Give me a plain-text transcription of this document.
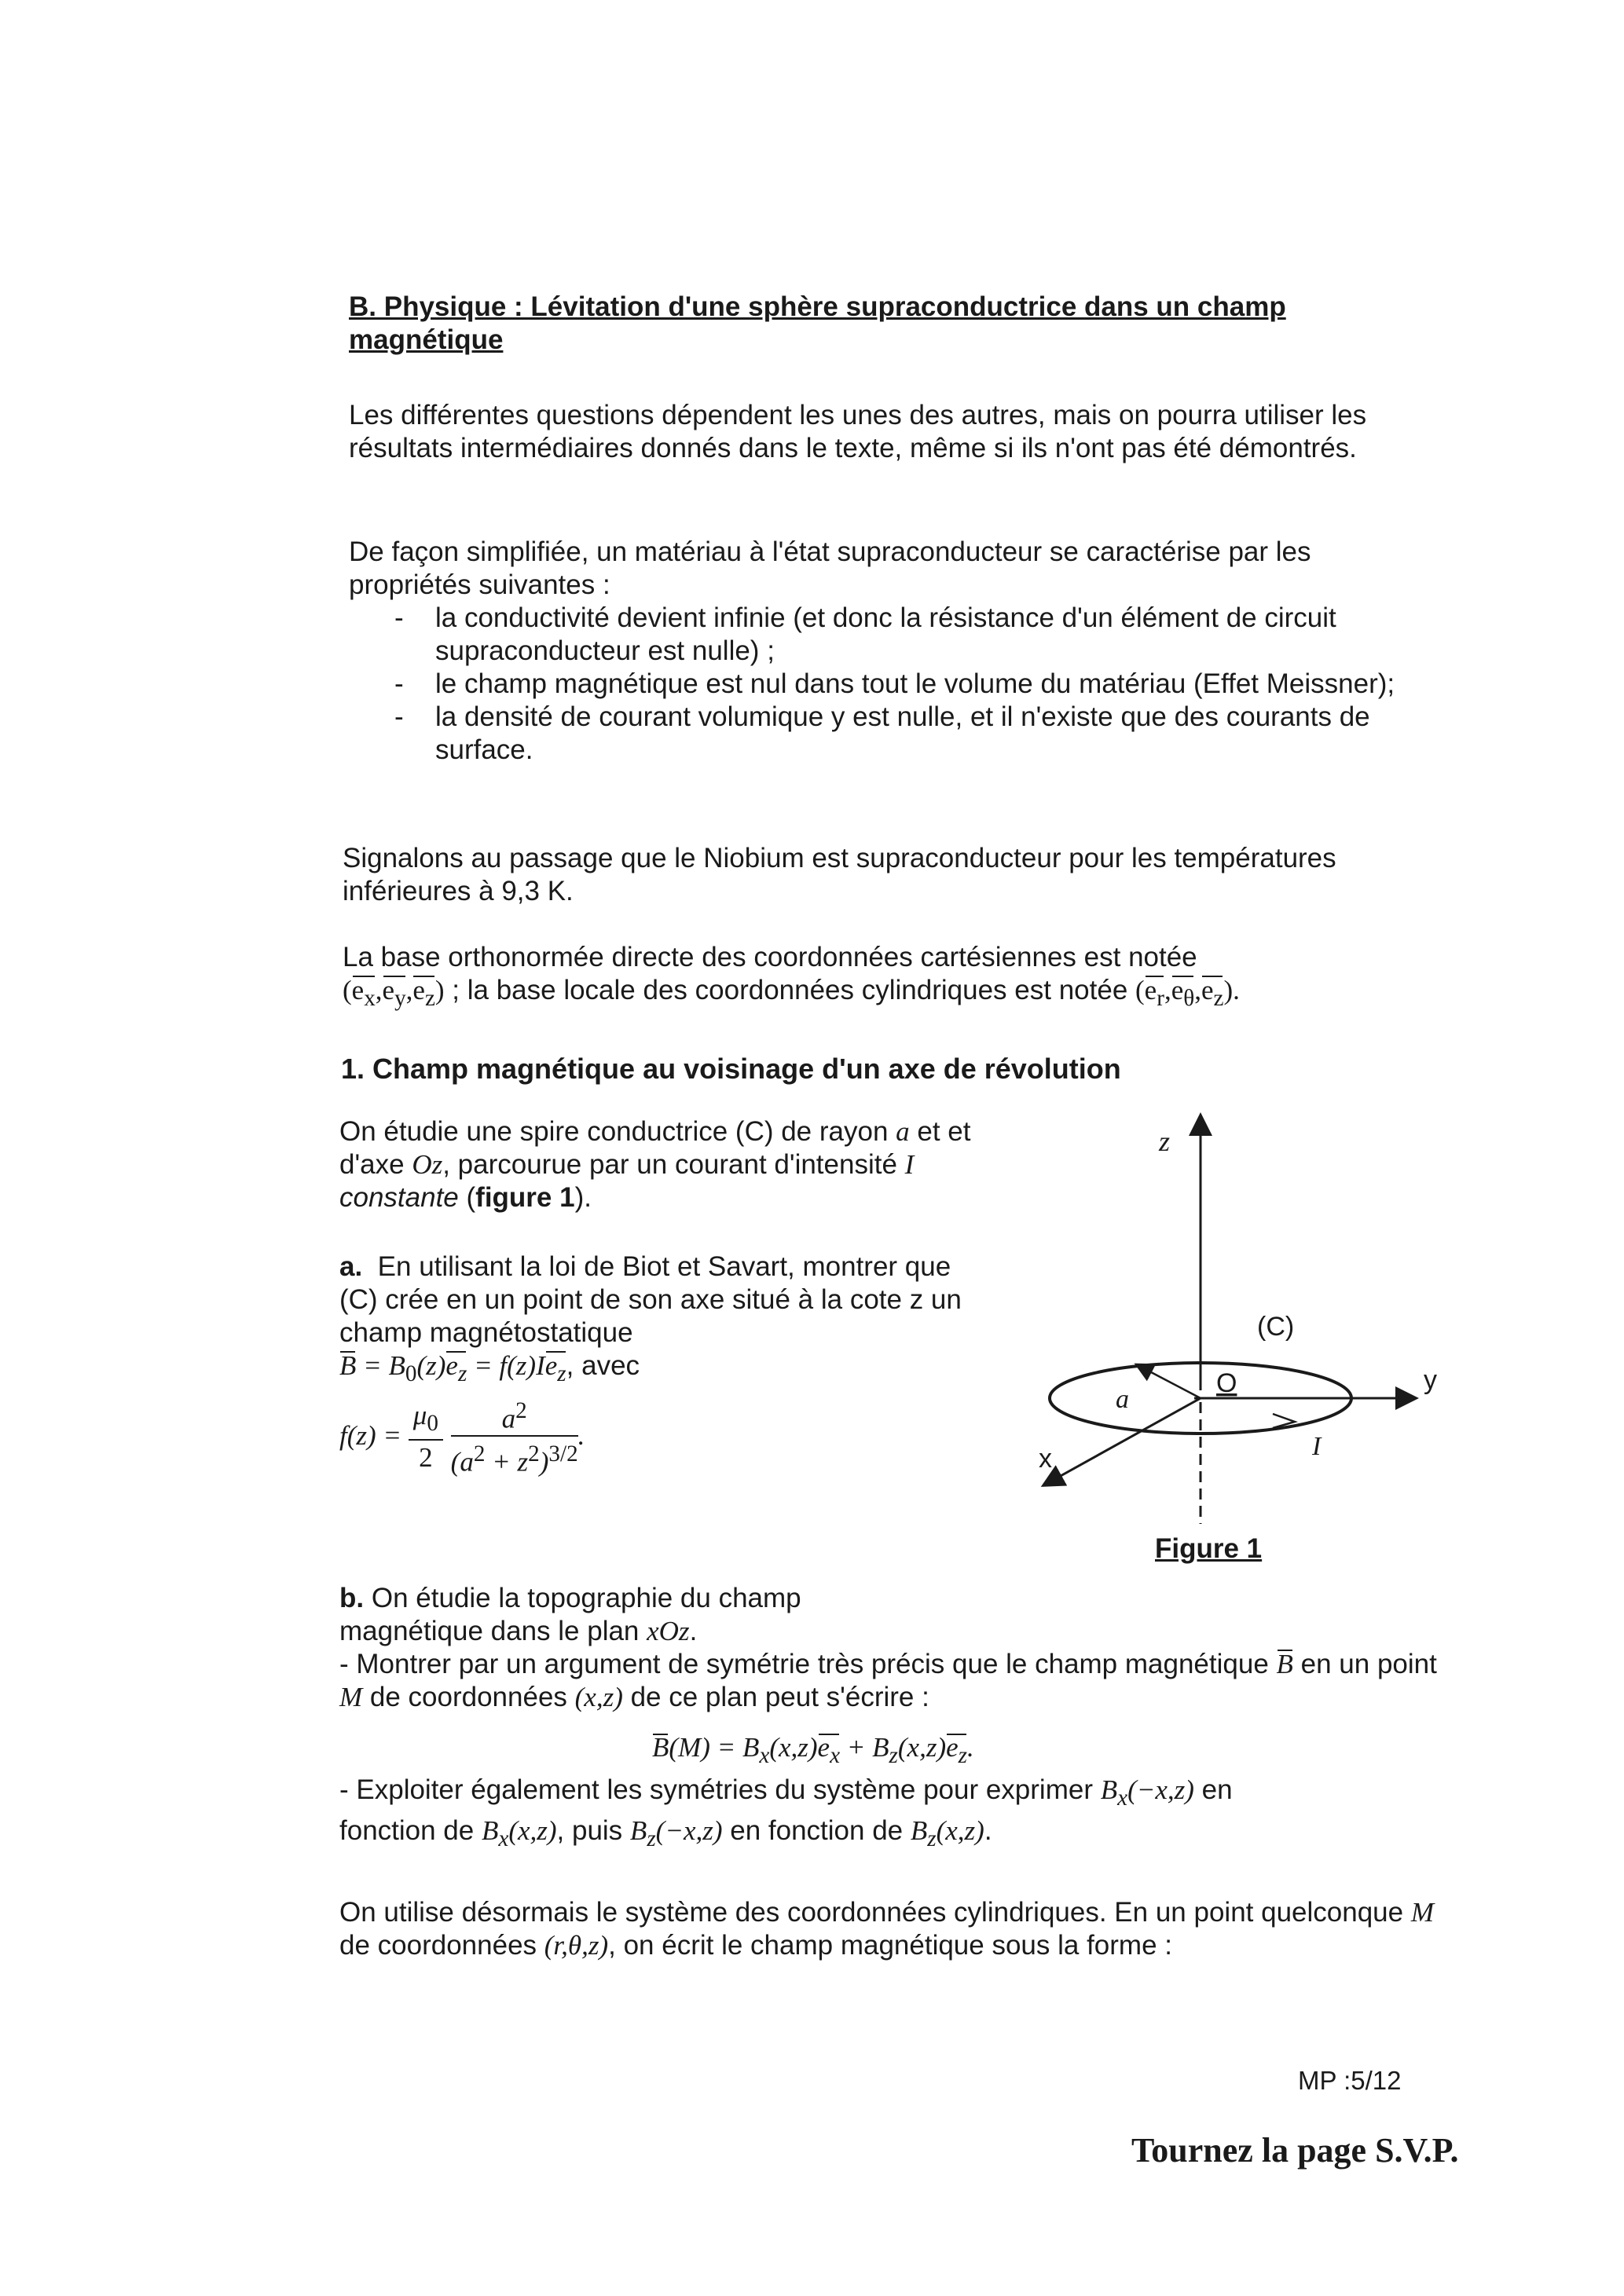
B. Physique : Lévitation d'une sphère supraconductrice dans un champ magnétique

Les différentes questions dépendent les unes des autres, mais on pourra utiliser les résultats intermédiaires donnés dans le texte, même si ils n'ont pas été démontrés.

De façon simplifiée, un matériau à l'état supraconducteur se caractérise par les propriétés suivantes :

- la conductivité devient infinie (et donc la résistance d'un élément de circuit supraconducteur est nulle) ;
- le champ magnétique est nul dans tout le volume du matériau (Effet Meissner);
- la densité de courant volumique y est nulle, et il n'existe que des courants de surface.

Signalons au passage que le Niobium est supraconducteur pour les températures inférieures à 9,3 K.

La base orthonormée directe des coordonnées cartésiennes est notée

$(e_x,e_y,e_z)$ ; la base locale des coordonnées cylindriques est notée $(e_r,e_\theta,e_z)$.

1. Champ magnétique au voisinage d'un axe de révolution

On étudie une spire conductrice (C) de rayon a et et d'axe Oz, parcourue par un courant d'intensité I constante (figure 1).

a. En utilisant la loi de Biot et Savart, montrer que (C) crée en un point de son axe situé à la cote z un champ magnétostatique

$B = B_0(z)e_z = f(z)Ie_z$, avec

$f(z) = \frac{\mu_0}{2}$
$\frac{a^2}{(a^2 + z^2)^{3/2}}$ .

z
y
x
(C)
a
O
I
Figure 1

b. On étudie la topographie du champ magnétique dans le plan xOz.

- Montrer par un argument de symétrie très précis que le champ magnétique B en un point M de coordonnées (x,z) de ce plan peut s'écrire :

$B(M) = B_x(x,z)e_x + B_z(x,z)e_z$.

- Exploiter également les symétries du système pour exprimer $B_x(-x,z)$ en
fonction de $B_x(x,z)$, puis $B_z(-x,z)$ en fonction de $B_z(x,z)$.

On utilise désormais le système des coordonnées cylindriques. En un point quelconque M de coordonnées (r,θ,z), on écrit le champ magnétique sous la forme :

MP :5/12
Tournez la page S.V.P.
